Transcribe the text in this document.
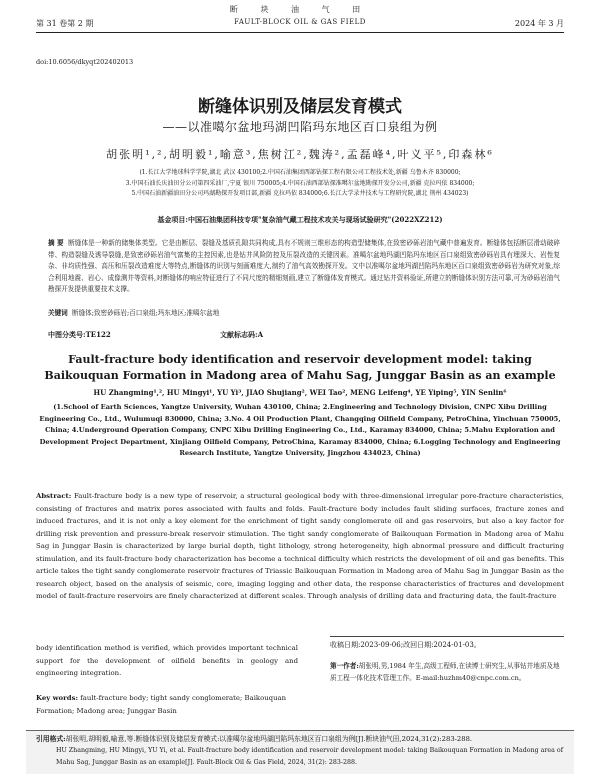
断 块 油 气 田
FAULT-BLOCK OIL & GAS FIELD
第 31 卷第 2 期	2024 年 3 月
doi:10.6056/dkyqt202402013
断缝体识别及储层发育模式
——以准噶尔盆地玛湖凹陷玛东地区百口泉组为例
胡张明¹,²,胡明毅¹,喻意³,焦树江²,魏涛²,孟磊峰⁴,叶义平⁵,印森林⁶
(1.长江大学地球科学学院,湖北 武汉 430100;2.中国石油集团西部钻探工程有限公司工程技术处,新疆 乌鲁木齐 830000;
3.中国石油长庆油田分公司第四采油厂,宁夏 银川 750005;4.中国石油西部钻探准噶尔盆地勘探开发分公司,新疆 克拉玛依 834000;
5.中国石油新疆油田分公司玛湖勘探开发项目部,新疆 克拉玛依 834000;6.长江大学录井技术与工程研究院,湖北 荆州 434023)
基金项目:中国石油集团科技专项"复杂油气藏工程技术攻关与现场试验研究"(2022XZ212)
摘 要 断缝体是一种新的储集体类型。它是由断层、裂缝及基质孔隙共同构成,具有不规则三维形态的构造型储集体,在致密砂砾岩油气藏中普遍发育。断缝体包括断层滑动破碎带、构造裂缝及诱导裂缝,是致密砂砾岩油气富集的主控因素,也是钻井风险防控及压裂改造的关键因素。准噶尔盆地玛湖凹陷玛东地区百口泉组致密砂砾岩具有埋深大、岩性复杂、非均质性强、高压和压裂改造难度大等特点,断缝体的识别与刻画难度大,制约了油气高效勘探开发。文中以准噶尔盆地玛湖凹陷玛东地区百口泉组致密砂砾岩为研究对象,综合利用地震、岩心、成像测井等资料,对断缝体的响应特征进行了不同尺度的精细刻画,建立了断缝体发育模式。通过钻井资料验证,所建立的断缝体识别方法可靠,可为砂砾岩油气勘探开发提供重要技术支撑。
关键词 断缝体;致密砂砾岩;百口泉组;玛东地区;准噶尔盆地
中图分类号:TE122	文献标志码:A
Fault-fracture body identification and reservoir development model: taking Baikouquan Formation in Madong area of Mahu Sag, Junggar Basin as an example
HU Zhangming¹,², HU Mingyi¹, YU Yi³, JIAO Shujiang², WEI Tao², MENG Leifeng⁴, YE Yiping⁵, YIN Senlin⁶
(1.School of Earth Sciences, Yangtze University, Wuhan 430100, China; 2.Engineering and Technology Division, CNPC Xibu Drilling Engineering Co., Ltd., Wulumuqi 830000, China; 3.No. 4 Oil Production Plant, Changqing Oilfield Company, PetroChina, Yinchuan 750005, China; 4.Underground Operation Company, CNPC Xibu Drilling Engineering Co., Ltd., Karamay 834000, China; 5.Mahu Exploration and Development Project Department, Xinjiang Oilfield Company, PetroChina, Karamay 834000, China; 6.Logging Technology and Engineering Research Institute, Yangtze University, Jingzhou 434023, China)
Abstract: Fault-fracture body is a new type of reservoir, a structural geological body with three-dimensional irregular pore-fracture characteristics, consisting of fractures and matrix pores associated with faults and folds. Fault-fracture body includes fault sliding surfaces, fracture zones and induced fractures, and it is not only a key element for the enrichment of tight sandy conglomerate oil and gas reservoirs, but also a key factor for drilling risk prevention and pressure-break reservoir stimulation. The tight sandy conglomerate of Baikouquan Formation in Madong area of Mahu Sag in Junggar Basin is characterized by large burial depth, tight lithology, strong heterogeneity, high abnormal pressure and difficult fracturing stimulation, and its fault-fracture body characterization has become a technical difficulty which restricts the development of oil and gas benefits. This article takes the tight sandy conglomerate reservoir fractures of Triassic Baikouquan Formation in Madong area of Mahu Sag in Junggar Basin as the research object, based on the analysis of seismic, core, imaging logging and other data, the response characteristics of fractures and development model of fault-fracture reservoirs are finely characterized at different scales. Through analysis of drilling data and fracturing data, the fault-fracture
body identification method is verified, which provides important technical support for the development of oilfield benefits in geology and engineering integration.
Key words: fault-fracture body; tight sandy conglomerate; Baikouquan Formation; Madong area; Junggar Basin
收稿日期:2023-09-06;改回日期:2024-01-03。
第一作者:胡张明,男,1984 年生,高级工程师,在读博士研究生,从事钻井地质及地质工程一体化技术管理工作。E-mail:huzhm40@cnpc.com.cn。
引用格式:胡张明,胡明毅,喻意,等.断缝体识别及储层发育模式:以准噶尔盆地玛湖凹陷玛东地区百口泉组为例[J].断块油气田,2024,31(2):283-288.
HU Zhangming, HU Mingyi, YU Yi, et al. Fault-fracture body identification and reservoir development model: taking Baikouquan Formation in Madong area of Mahu Sag, Junggar Basin as an example[J]. Fault-Block Oil & Gas Field, 2024, 31(2): 283-288.
